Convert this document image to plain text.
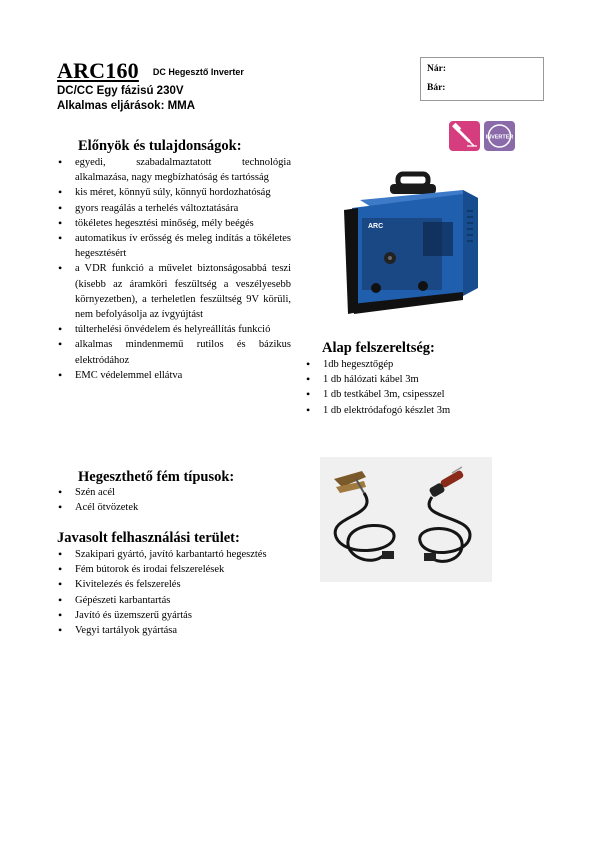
ARC160 DC Hegesztő Inverter
DC/CC Egy fázisú 230V
Alkalmas eljárások: MMA
Nár:
Bár:
INVERTER
ARC
Előnyök és tulajdonságok:
• egyedi, szabadalmaztatott technológia alkalmazása, nagy megbízhatóság és tartósság
• kis méret, könnyű súly, könnyű hordozhatóság
• gyors reagálás a terhelés változtatására
• tökéletes hegesztési minőség, mély beégés
• automatikus ív erősség és meleg indítás a tökéletes hegesztésért
• a VDR funkció a művelet biztonságosabbá teszi (kisebb az áramköri feszültség a veszélyesebb környezetben), a terheletlen feszültség 9V körüli, nem befolyásolja az ívgyújtást
• túlterhelési önvédelem és helyreállítás funkció
• alkalmas mindenmemű rutilos és bázikus elektródához
• EMC védelemmel ellátva
Alap felszereltség:
• 1db hegesztőgép
• 1 db hálózati kábel 3m
• 1 db testkábel 3m, csipesszel
• 1 db elektródafogó készlet 3m
Hegeszthető fém típusok:
• Szén acél
• Acél ötvözetek
Javasolt felhasználási terület:
• Szakipari gyártó, javító karbantartó hegesztés
• Fém bútorok és irodai felszerelések
• Kivitelezés és felszerelés
• Gépészeti karbantartás
• Javító és üzemszerű gyártás
• Vegyi tartályok gyártása
